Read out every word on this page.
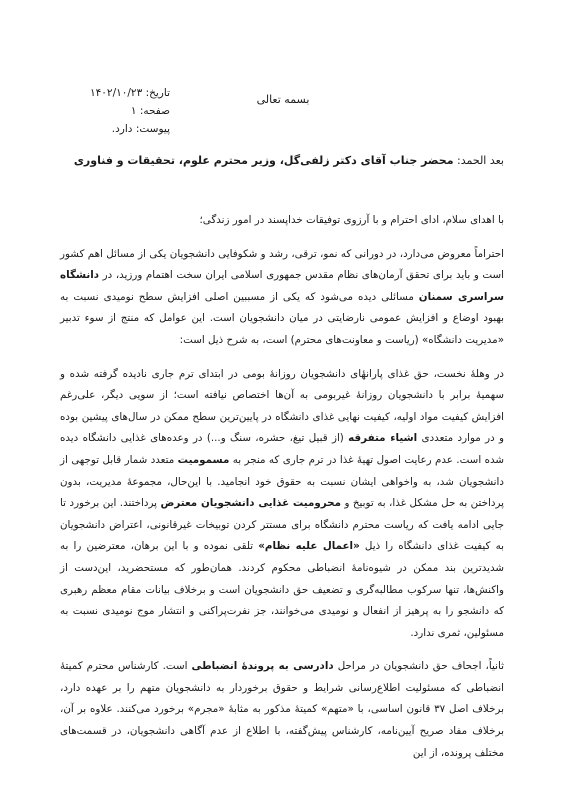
تاریخ: ۱۴۰۲/۱۰/۲۳
صفحه: ۱
پیوست: دارد.
بسمه تعالی
بعد الحمد: محضر جناب آقای دکتر زلفی‌گل، وزیر محترم علوم، تحقیقات و فناوری

با اهدای سلام، ادای احترام و با آرزوی توفیقات خداپسند در امور زندگی؛

احتراماً معروض می‌دارد، در دورانی که نمو، ترقی، رشد و شکوفایی دانشجویان یکی از مسائل اهم کشور است و باید برای تحقق آرمان‌های نظام مقدس جمهوری اسلامی ایران سخت اهتمام ورزید، در دانشگاه سراسری سمنان مسائلی دیده می‌شود که یکی از مسببین اصلی افزایش سطح نومیدی نسبت به بهبود اوضاع و افزایش عمومی نارضایتی در میان دانشجویان است. این عوامل که منتج از سوء تدبیر «مدیریت دانشگاه» (ریاست و معاونت‌های محترم) است، به شرح ذیل است:

در وهلهٔ نخست، حق غذای پارانهٔای دانشجویان روزانهٔ بومی در ابتدای ترم جاری نادیده گرفته شده و سهمیهٔ برابر با دانشجویان روزانهٔ غیربومی به آن‌ها اختصاص نیافته است؛ از سویی دیگر، علی‌رغم افزایش کیفیت مواد اولیه، کیفیت نهایی غذای دانشگاه در پایین‌ترین سطح ممکن در سال‌های پیشین بوده و در موارد متعددی اشیاء متفرقه (از قبیل تیغ، حشره، سنگ و...) در وعده‌های غذایی دانشگاه دیده شده است. عدم رعایت اصول تهیهٔ غذا در ترم جاری که منجر به مسمومیت متعدد شمار قابل توجهی از دانشجویان شد، به واخواهی ایشان نسبت به حقوق خود انجامید. با این‌حال، مجموعهٔ مدیریت، بدون پرداختن به حل مشکل غذا، به توبیخ و محرومیت غذایی دانشجویان معترض پرداختند. این برخورد تا جایی ادامه یافت که ریاست محترم دانشگاه برای مستتر کردن توبیخات غیرقانونی، اعتراض دانشجویان به کیفیت غذای دانشگاه را ذیل «اعمال علیه نظام» تلقی نموده و با این برهان، معترضین را به شدیدترین بند ممکن در شیوه‌نامهٔ انضباطی محکوم کردند. همان‌طور که مستحضرید، این‌دست از واکنش‌ها، تنها سرکوب مطالبه‌گری و تضعیف حق دانشجویان است و برخلاف بیانات مقام معظم رهبری که دانشجو را به پرهیز از انفعال و نومیدی می‌خوانند، جز نفرت‌پراکنی و انتشار موج نومیدی نسبت به مسئولین، ثمری ندارد.

ثانیاً، اجحاف حق دانشجویان در مراحل دادرسی به پروندهٔ انضباطی است. کارشناس محترم کمیتهٔ انضباطی که مسئولیت اطلاع‌رسانی شرایط و حقوق برخوردار به دانشجویان متهم را بر عهده دارد، برخلاف اصل ۳۷ قانون اساسی، با «متهم» کمیتهٔ مذکور به مثابهٔ «مجرم» برخورد می‌کنند. علاوه بر آن، برخلاف مفاد صریح آیین‌نامه، کارشناس پیش‌گفته، با اطلاع از عدم آگاهی دانشجویان، در قسمت‌های مختلف پرونده، از این
